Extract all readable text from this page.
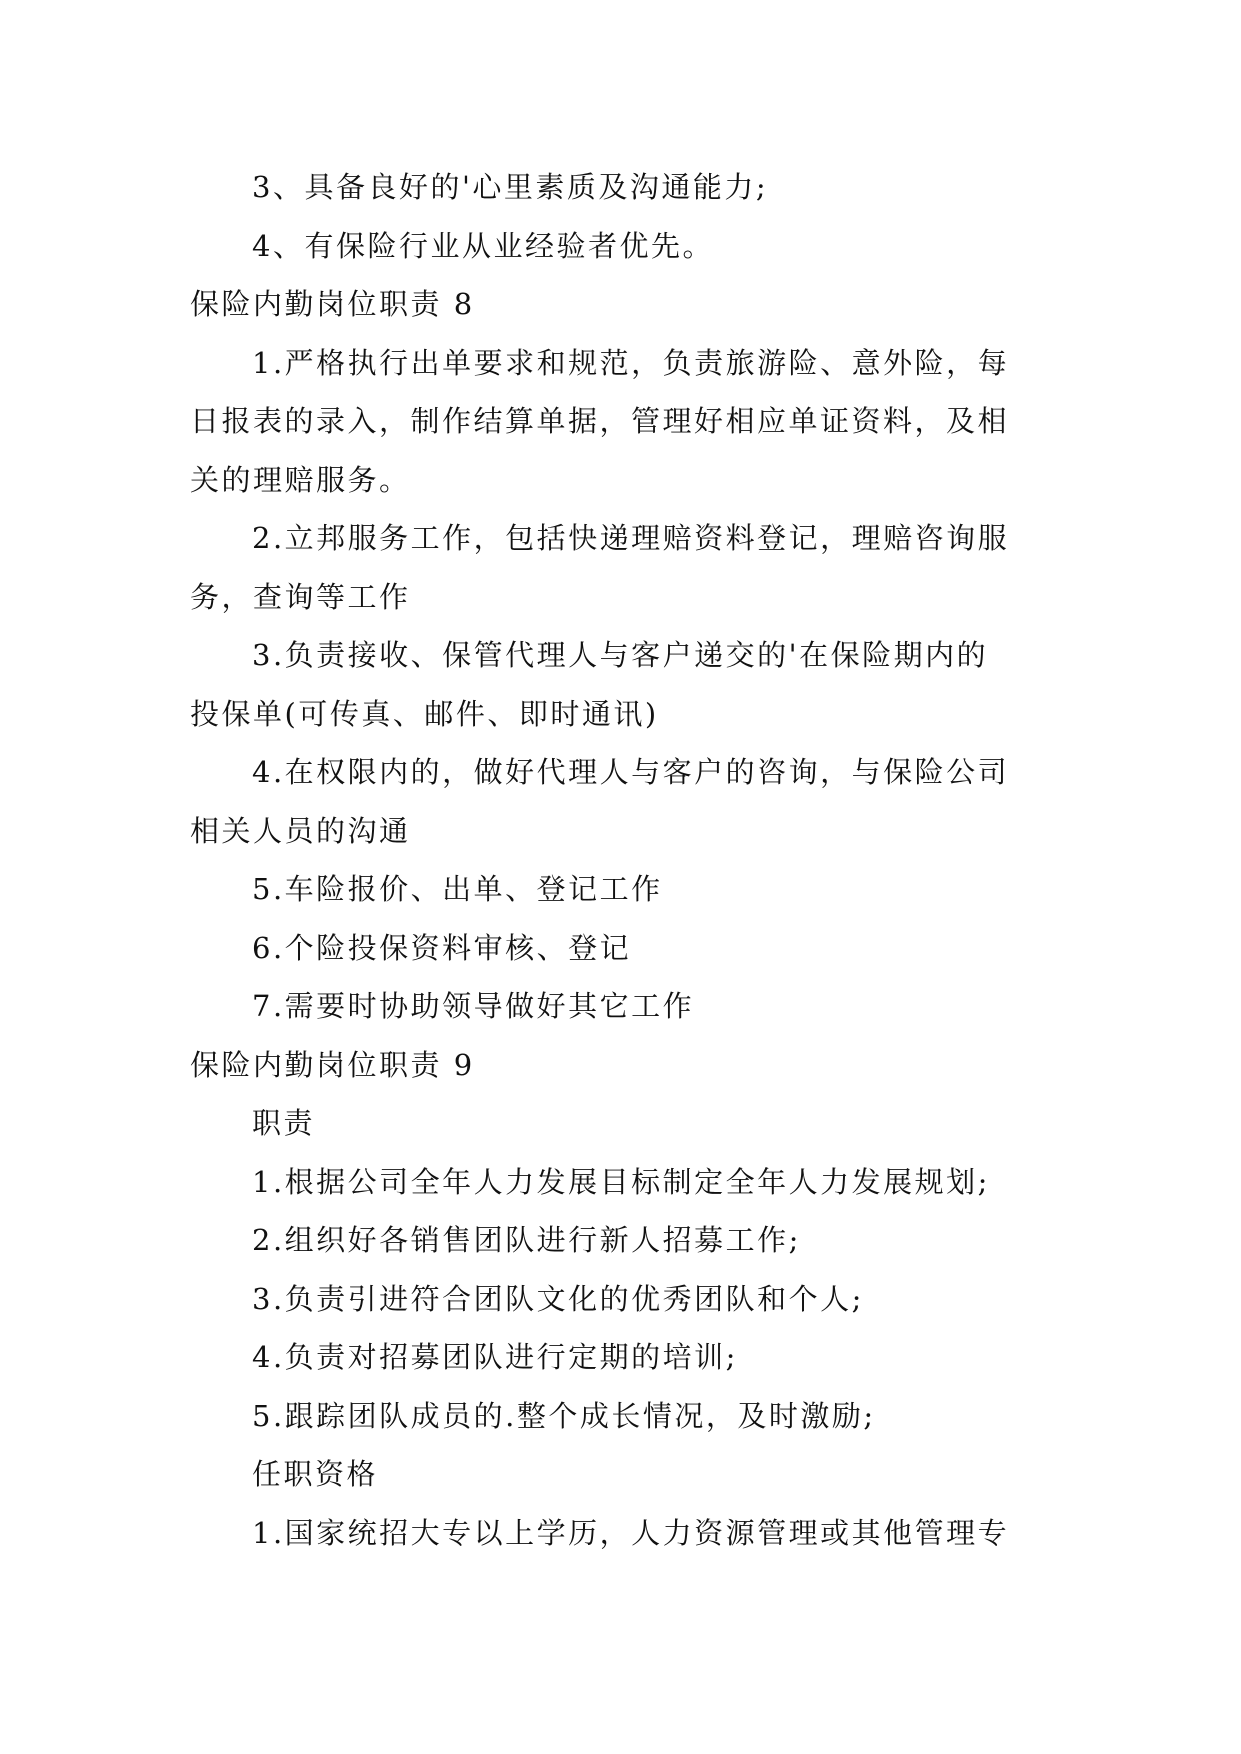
3、具备良好的'心里素质及沟通能力;
4、有保险行业从业经验者优先。
保险内勤岗位职责 8
1.严格执行出单要求和规范，负责旅游险、意外险，每
日报表的录入，制作结算单据，管理好相应单证资料，及相
关的理赔服务。
2.立邦服务工作，包括快递理赔资料登记，理赔咨询服
务，查询等工作
3.负责接收、保管代理人与客户递交的'在保险期内的
投保单(可传真、邮件、即时通讯)
4.在权限内的，做好代理人与客户的咨询，与保险公司
相关人员的沟通
5.车险报价、出单、登记工作
6.个险投保资料审核、登记
7.需要时协助领导做好其它工作
保险内勤岗位职责 9
职责
1.根据公司全年人力发展目标制定全年人力发展规划;
2.组织好各销售团队进行新人招募工作;
3.负责引进符合团队文化的优秀团队和个人;
4.负责对招募团队进行定期的培训;
5.跟踪团队成员的.整个成长情况，及时激励;
任职资格
1.国家统招大专以上学历，人力资源管理或其他管理专
